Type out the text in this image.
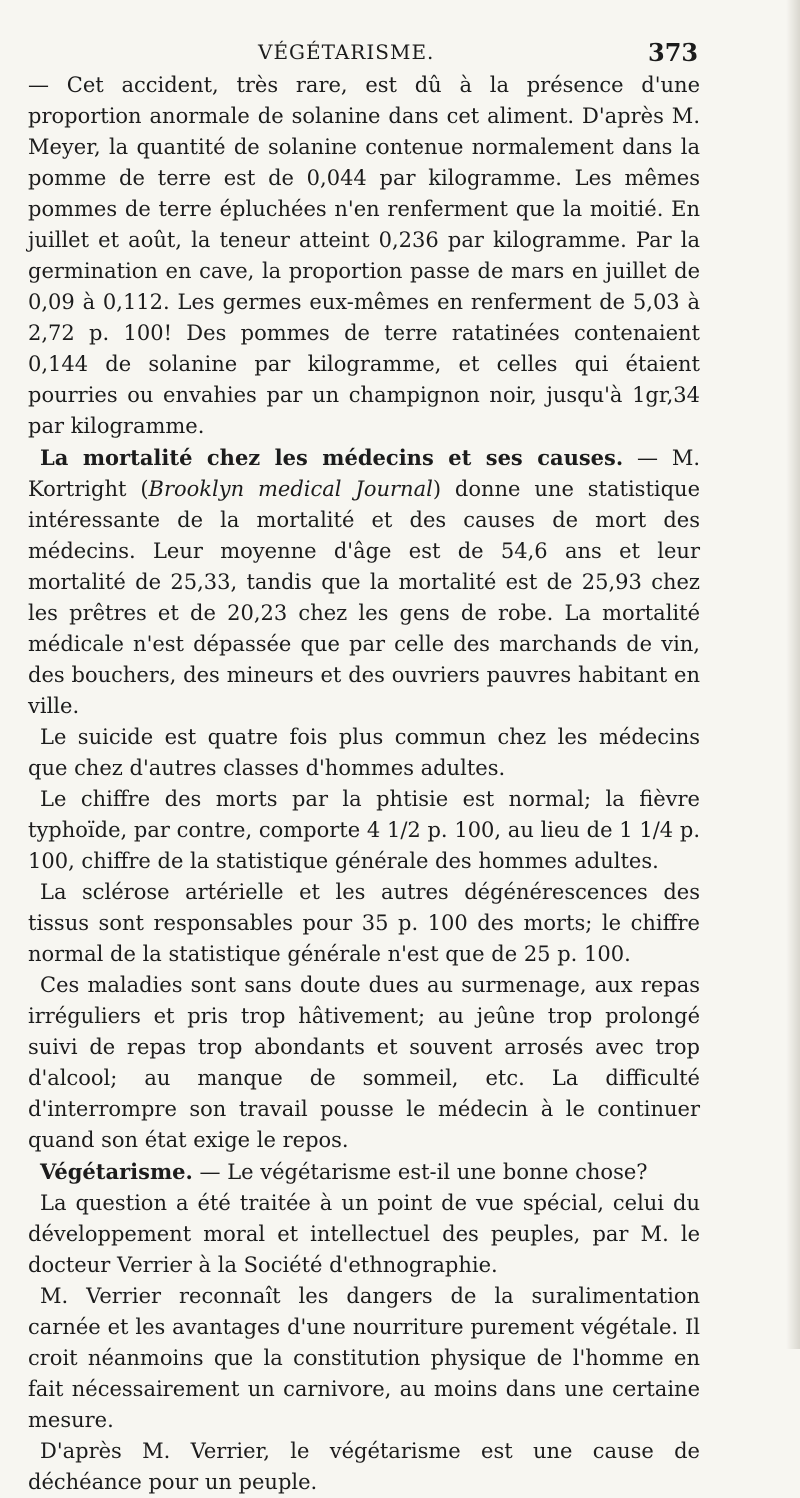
VÉGÉTARISME.	373

— Cet accident, très rare, est dû à la présence d'une proportion anormale de solanine dans cet aliment. D'après M. Meyer, la quantité de solanine contenue normalement dans la pomme de terre est de 0,044 par kilogramme. Les mêmes pommes de terre épluchées n'en renferment que la moitié. En juillet et août, la teneur atteint 0,236 par kilogramme. Par la germination en cave, la proportion passe de mars en juillet de 0,09 à 0,112. Les germes eux-mêmes en renferment de 5,03 à 2,72 p. 100! Des pommes de terre ratatinées contenaient 0,144 de solanine par kilogramme, et celles qui étaient pourries ou envahies par un champignon noir, jusqu'à 1gr,34 par kilogramme.

La mortalité chez les médecins et ses causes. — M. Kortright (Brooklyn medical Journal) donne une statistique intéressante de la mortalité et des causes de mort des médecins. Leur moyenne d'âge est de 54,6 ans et leur mortalité de 25,33, tandis que la mortalité est de 25,93 chez les prêtres et de 20,23 chez les gens de robe. La mortalité médicale n'est dépassée que par celle des marchands de vin, des bouchers, des mineurs et des ouvriers pauvres habitant en ville.

Le suicide est quatre fois plus commun chez les médecins que chez d'autres classes d'hommes adultes.

Le chiffre des morts par la phtisie est normal; la fièvre typhoïde, par contre, comporte 4 1/2 p. 100, au lieu de 1 1/4 p. 100, chiffre de la statistique générale des hommes adultes.

La sclérose artérielle et les autres dégénérescences des tissus sont responsables pour 35 p. 100 des morts; le chiffre normal de la statistique générale n'est que de 25 p. 100.

Ces maladies sont sans doute dues au surmenage, aux repas irréguliers et pris trop hâtivement; au jeûne trop prolongé suivi de repas trop abondants et souvent arrosés avec trop d'alcool; au manque de sommeil, etc. La difficulté d'interrompre son travail pousse le médecin à le continuer quand son état exige le repos.

Végétarisme. — Le végétarisme est-il une bonne chose?

La question a été traitée à un point de vue spécial, celui du développement moral et intellectuel des peuples, par M. le docteur Verrier à la Société d'ethnographie.

M. Verrier reconnaît les dangers de la suralimentation carnée et les avantages d'une nourriture purement végétale. Il croit néanmoins que la constitution physique de l'homme en fait nécessairement un carnivore, au moins dans une certaine mesure.

D'après M. Verrier, le végétarisme est une cause de déchéance pour un peuple.
